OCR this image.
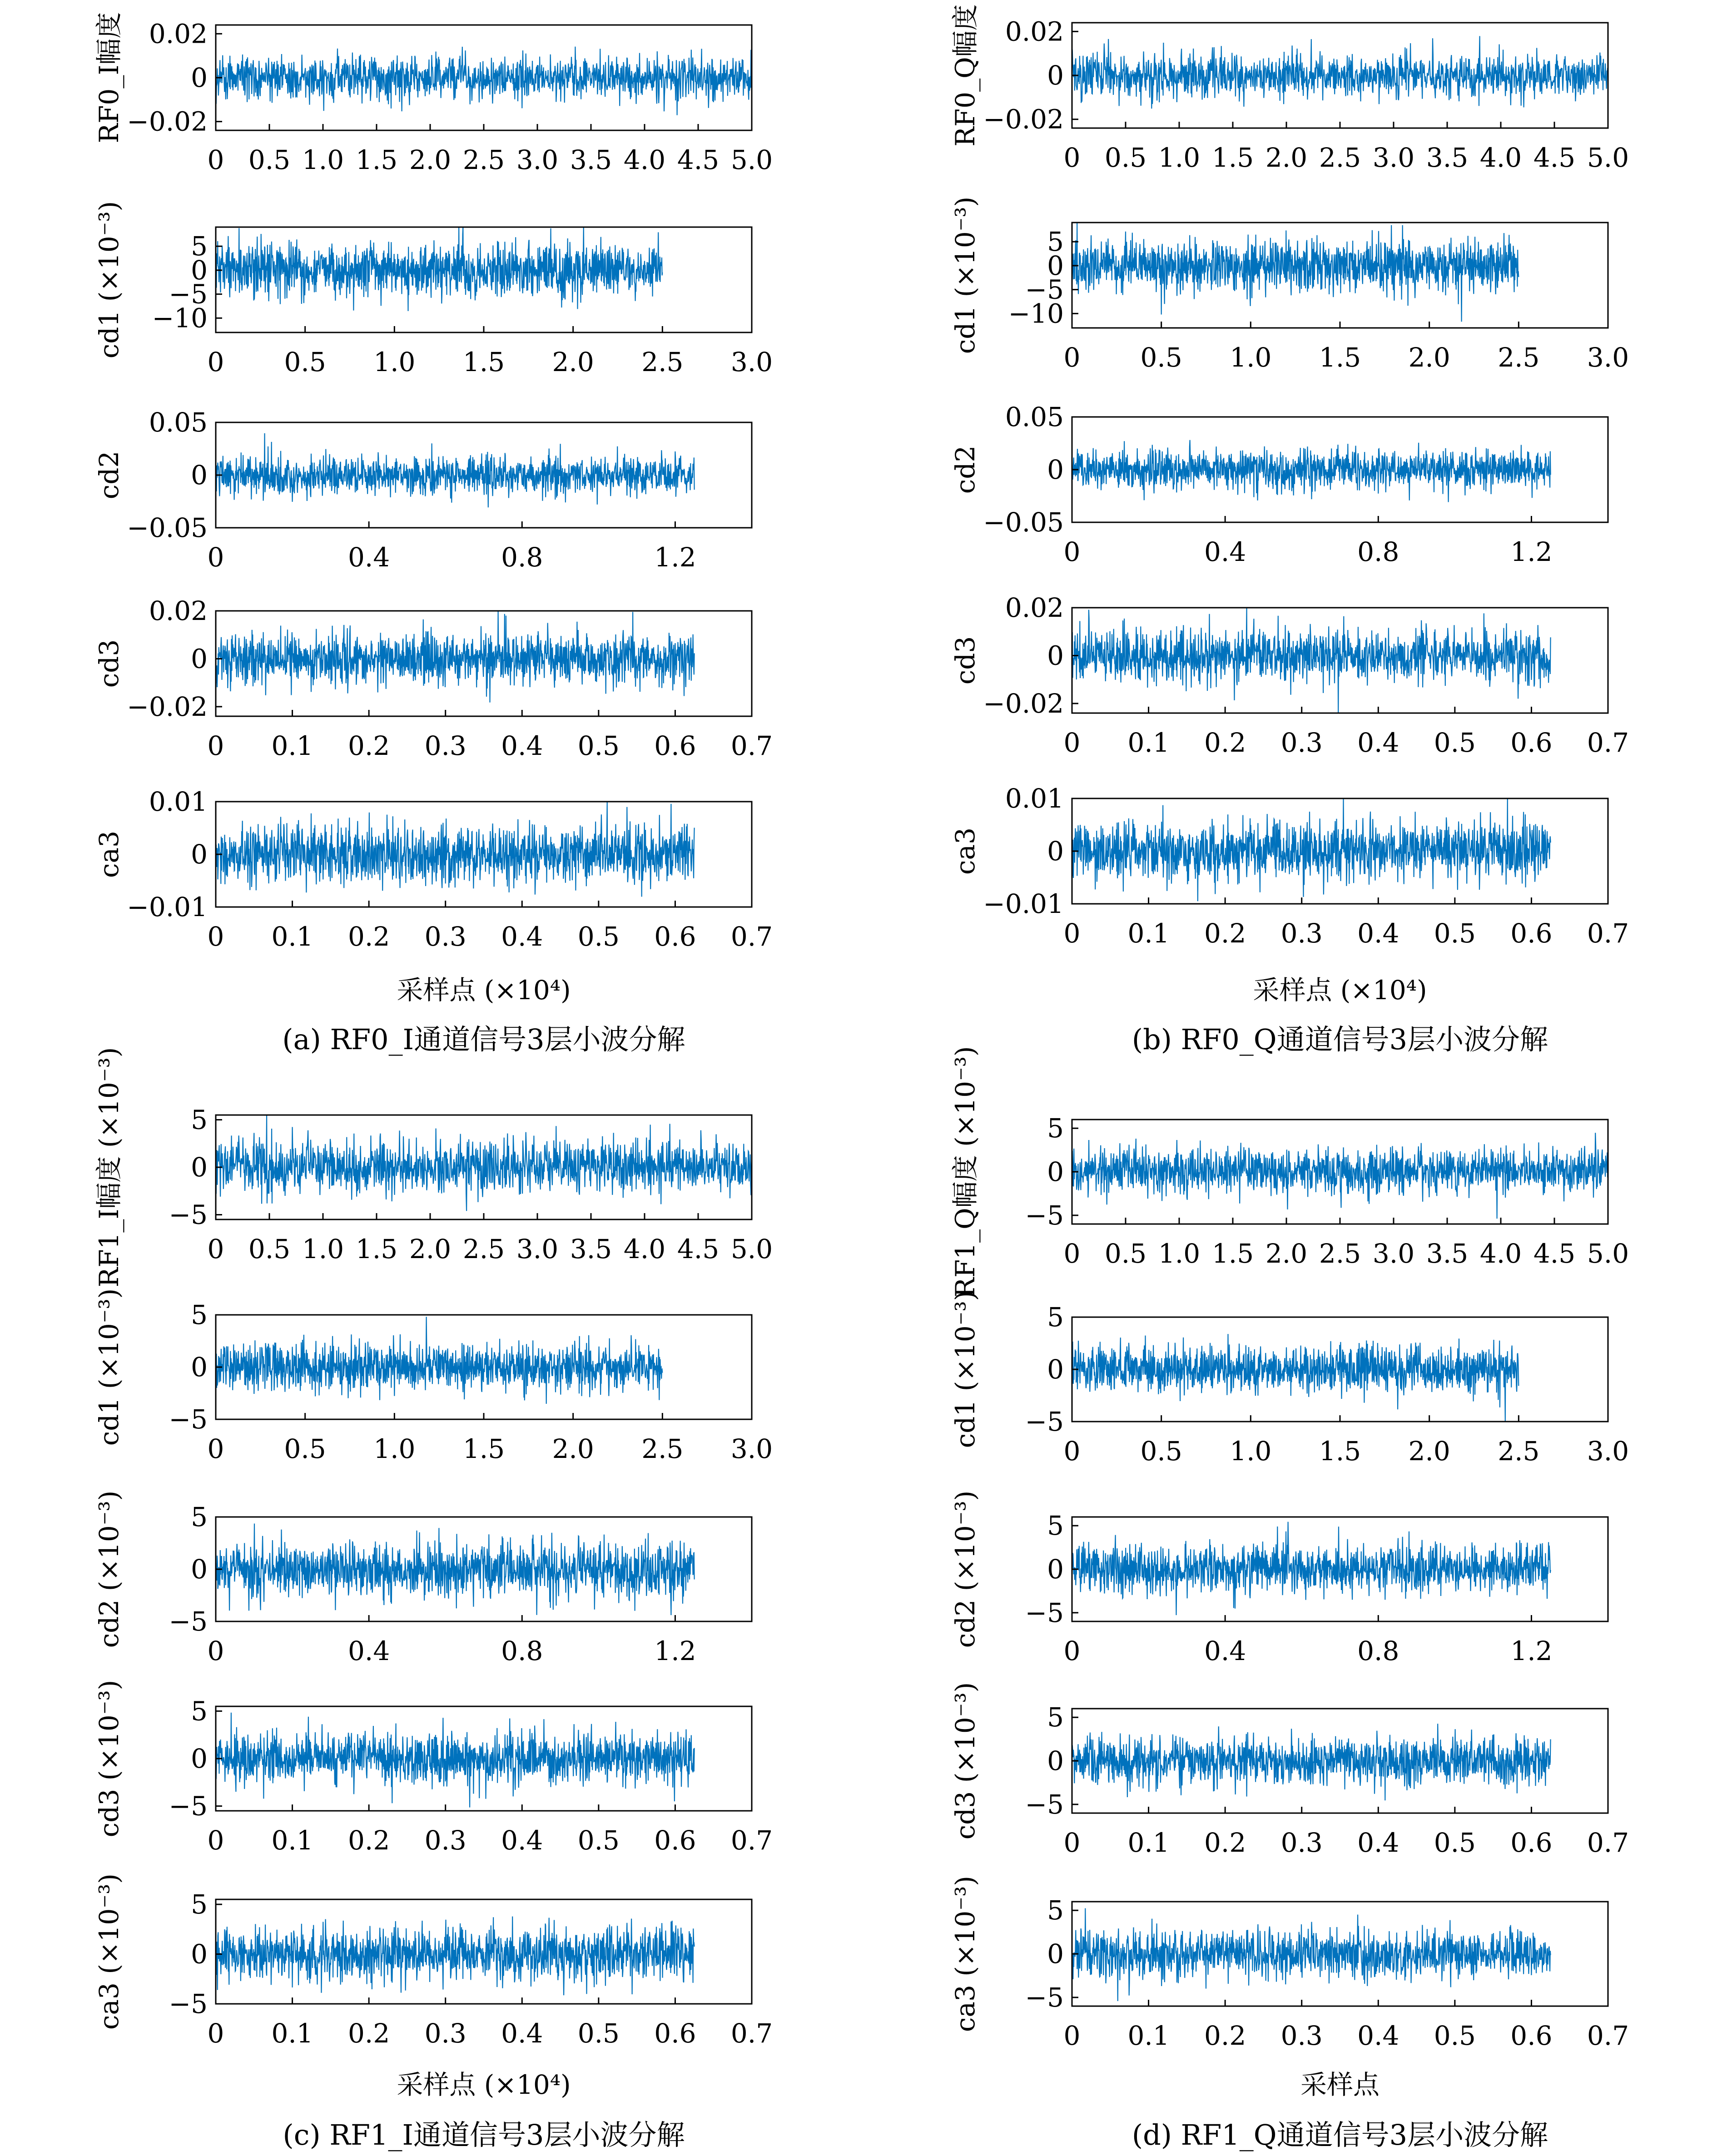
0.02
0
−0.02
0 0.5 1.0 1.5 2.0 2.5 3.0 3.5 4.0 4.5 5.0
RF0_I幅度
5
0
−5
−10
0 0.5 1.0 1.5 2.0 2.5 3.0
cd1 (×10⁻³)
0.05
0
−0.05
0	0.4	0.8	1.2
cd2
0.02
0
−0.02
0 0.1 0.2 0.3 0.4 0.5 0.6 0.7
cd3
0.01
0
−0.01
0 0.1 0.2 0.3 0.4 0.5 0.6 0.7
ca3
采样点 (×10⁴)
(a) RF0_I通道信号3层小波分解
0.02
0
−0.02
0 0.5 1.0 1.5 2.0 2.5 3.0 3.5 4.0 4.5 5.0
RF0_Q幅度
5
0
−5
−10
0 0.5 1.0 1.5 2.0 2.5 3.0
cd1 (×10⁻³)
0.05
0
−0.05
0	0.4	0.8	1.2
cd2
0.02
0
−0.02
0 0.1 0.2 0.3 0.4 0.5 0.6 0.7
cd3
0.01
0
−0.01
0 0.1 0.2 0.3 0.4 0.5 0.6 0.7
ca3
采样点 (×10⁴)
(b) RF0_Q通道信号3层小波分解
5
0
−5
0 0.5 1.0 1.5 2.0 2.5 3.0 3.5 4.0 4.5 5.0
RF1_I幅度 (×10⁻³)
5
0
−5
0 0.5 1.0 1.5 2.0 2.5 3.0
cd1 (×10⁻³)
5
0
−5
0	0.4	0.8	1.2
cd2 (×10⁻³)
5
0
−5
0 0.1 0.2 0.3 0.4 0.5 0.6 0.7
cd3 (×10⁻³)
5
0
−5
0 0.1 0.2 0.3 0.4 0.5 0.6 0.7
ca3 (×10⁻³)
采样点 (×10⁴)
(c) RF1_I通道信号3层小波分解
5
0
−5
0 0.5 1.0 1.5 2.0 2.5 3.0 3.5 4.0 4.5 5.0
RF1_Q幅度 (×10⁻³)
5
0
−5
0 0.5 1.0 1.5 2.0 2.5 3.0
cd1 (×10⁻³)
5
0
−5
0	0.4	0.8	1.2
cd2 (×10⁻³)
5
0
−5
0 0.1 0.2 0.3 0.4 0.5 0.6 0.7
cd3 (×10⁻³)
5
0
−5
0 0.1 0.2 0.3 0.4 0.5 0.6 0.7
ca3 (×10⁻³)
采样点
(d) RF1_Q通道信号3层小波分解
